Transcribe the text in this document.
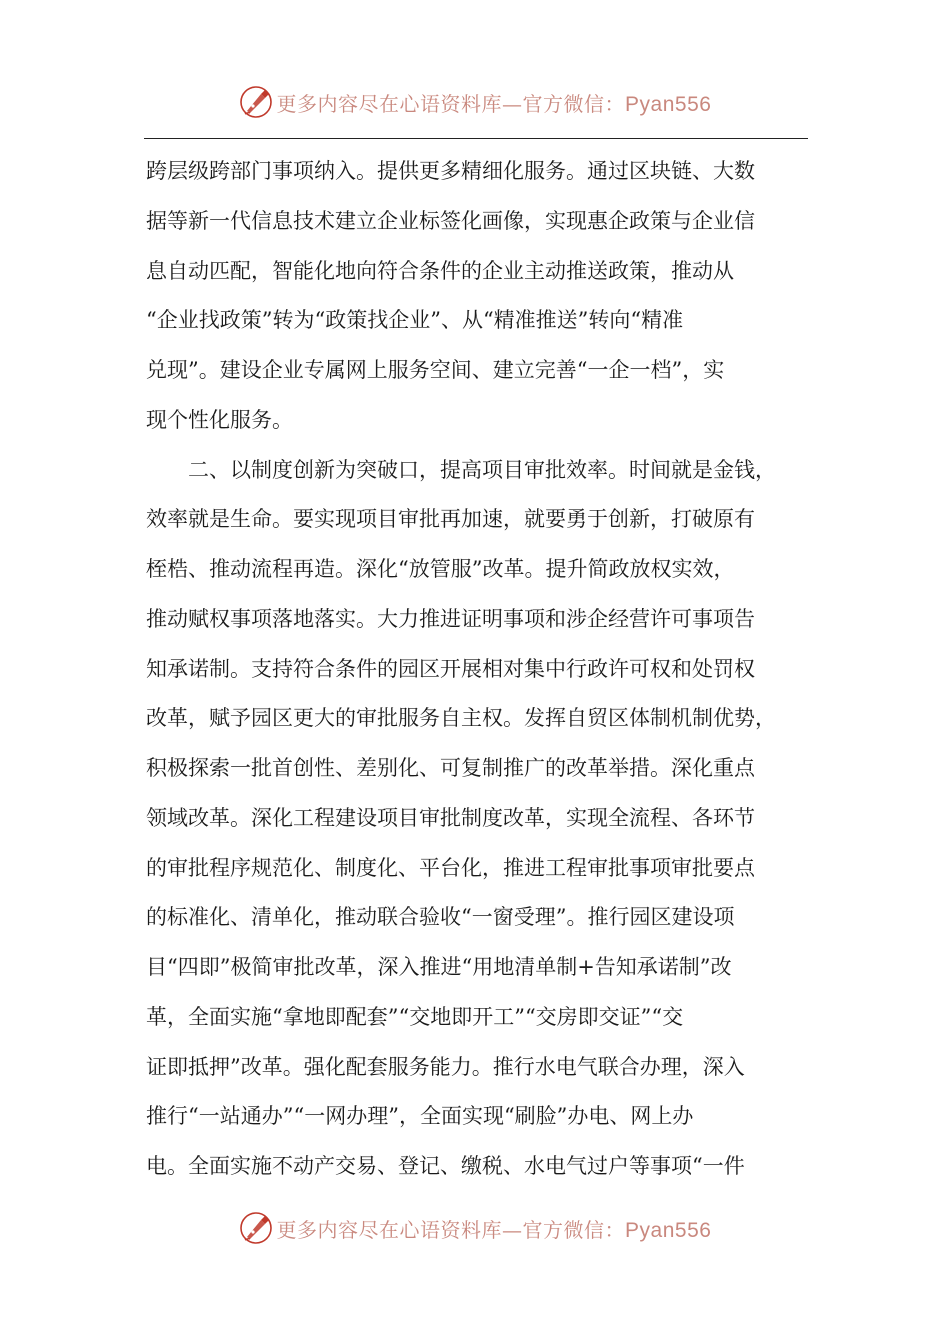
更多内容尽在心语资料库—官方微信：Pyan556
跨层级跨部门事项纳入。提供更多精细化服务。通过区块链、大数
据等新一代信息技术建立企业标签化画像，实现惠企政策与企业信
息自动匹配，智能化地向符合条件的企业主动推送政策，推动从
“企业找政策”转为“政策找企业”、从“精准推送”转向“精准
兑现”。建设企业专属网上服务空间、建立完善“一企一档”，实
现个性化服务。
　　二、以制度创新为突破口，提高项目审批效率。时间就是金钱，
效率就是生命。要实现项目审批再加速，就要勇于创新，打破原有
桎梏、推动流程再造。深化“放管服”改革。提升简政放权实效，
推动赋权事项落地落实。大力推进证明事项和涉企经营许可事项告
知承诺制。支持符合条件的园区开展相对集中行政许可权和处罚权
改革，赋予园区更大的审批服务自主权。发挥自贸区体制机制优势，
积极探索一批首创性、差别化、可复制推广的改革举措。深化重点
领域改革。深化工程建设项目审批制度改革，实现全流程、各环节
的审批程序规范化、制度化、平台化，推进工程审批事项审批要点
的标准化、清单化，推动联合验收“一窗受理”。推行园区建设项
目“四即”极简审批改革，深入推进“用地清单制+告知承诺制”改
革，全面实施“拿地即配套”“交地即开工”“交房即交证”“交
证即抵押”改革。强化配套服务能力。推行水电气联合办理，深入
推行“一站通办”“一网办理”，全面实现“刷脸”办电、网上办
电。全面实施不动产交易、登记、缴税、水电气过户等事项“一件
更多内容尽在心语资料库—官方微信：Pyan556
